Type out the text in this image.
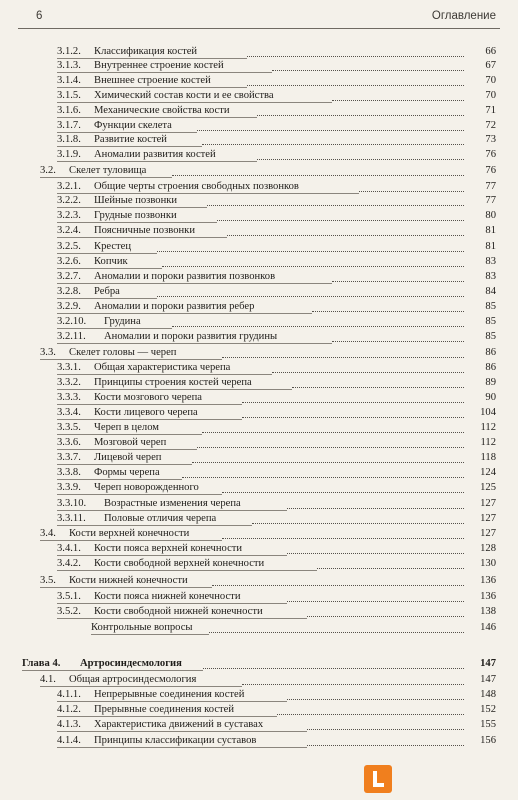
6	Оглавление
3.1.2. Классификация костей	66
3.1.3. Внутреннее строение костей	67
3.1.4. Внешнее строение костей	70
3.1.5. Химический состав кости и ее свойства	70
3.1.6. Механические свойства кости	71
3.1.7. Функции скелета	72
3.1.8. Развитие костей	73
3.1.9. Аномалии развития костей	76
3.2. Скелет туловища	76
3.2.1. Общие черты строения свободных позвонков	77
3.2.2. Шейные позвонки	77
3.2.3. Грудные позвонки	80
3.2.4. Поясничные позвонки	81
3.2.5. Крестец	81
3.2.6. Копчик	83
3.2.7. Аномалии и пороки развития позвонков	83
3.2.8. Ребра	84
3.2.9. Аномалии и пороки развития ребер	85
3.2.10. Грудина	85
3.2.11. Аномалии и пороки развития грудины	85
3.3. Скелет головы — череп	86
3.3.1. Общая характеристика черепа	86
3.3.2. Принципы строения костей черепа	89
3.3.3. Кости мозгового черепа	90
3.3.4. Кости лицевого черепа	104
3.3.5. Череп в целом	112
3.3.6. Мозговой череп	112
3.3.7. Лицевой череп	118
3.3.8. Формы черепа	124
3.3.9. Череп новорожденного	125
3.3.10. Возрастные изменения черепа	127
3.3.11. Половые отличия черепа	127
3.4. Кости верхней конечности	127
3.4.1. Кости пояса верхней конечности	128
3.4.2. Кости свободной верхней конечности	130
3.5. Кости нижней конечности	136
3.5.1. Кости пояса нижней конечности	136
3.5.2. Кости свободной нижней конечности	138
Контрольные вопросы	146
Глава 4. Артросиндесмология	147
4.1. Общая артросиндесмология	147
4.1.1. Непрерывные соединения костей	148
4.1.2. Прерывные соединения костей	152
4.1.3. Характеристика движений в суставах	155
4.1.4. Принципы классификации суставов	156
